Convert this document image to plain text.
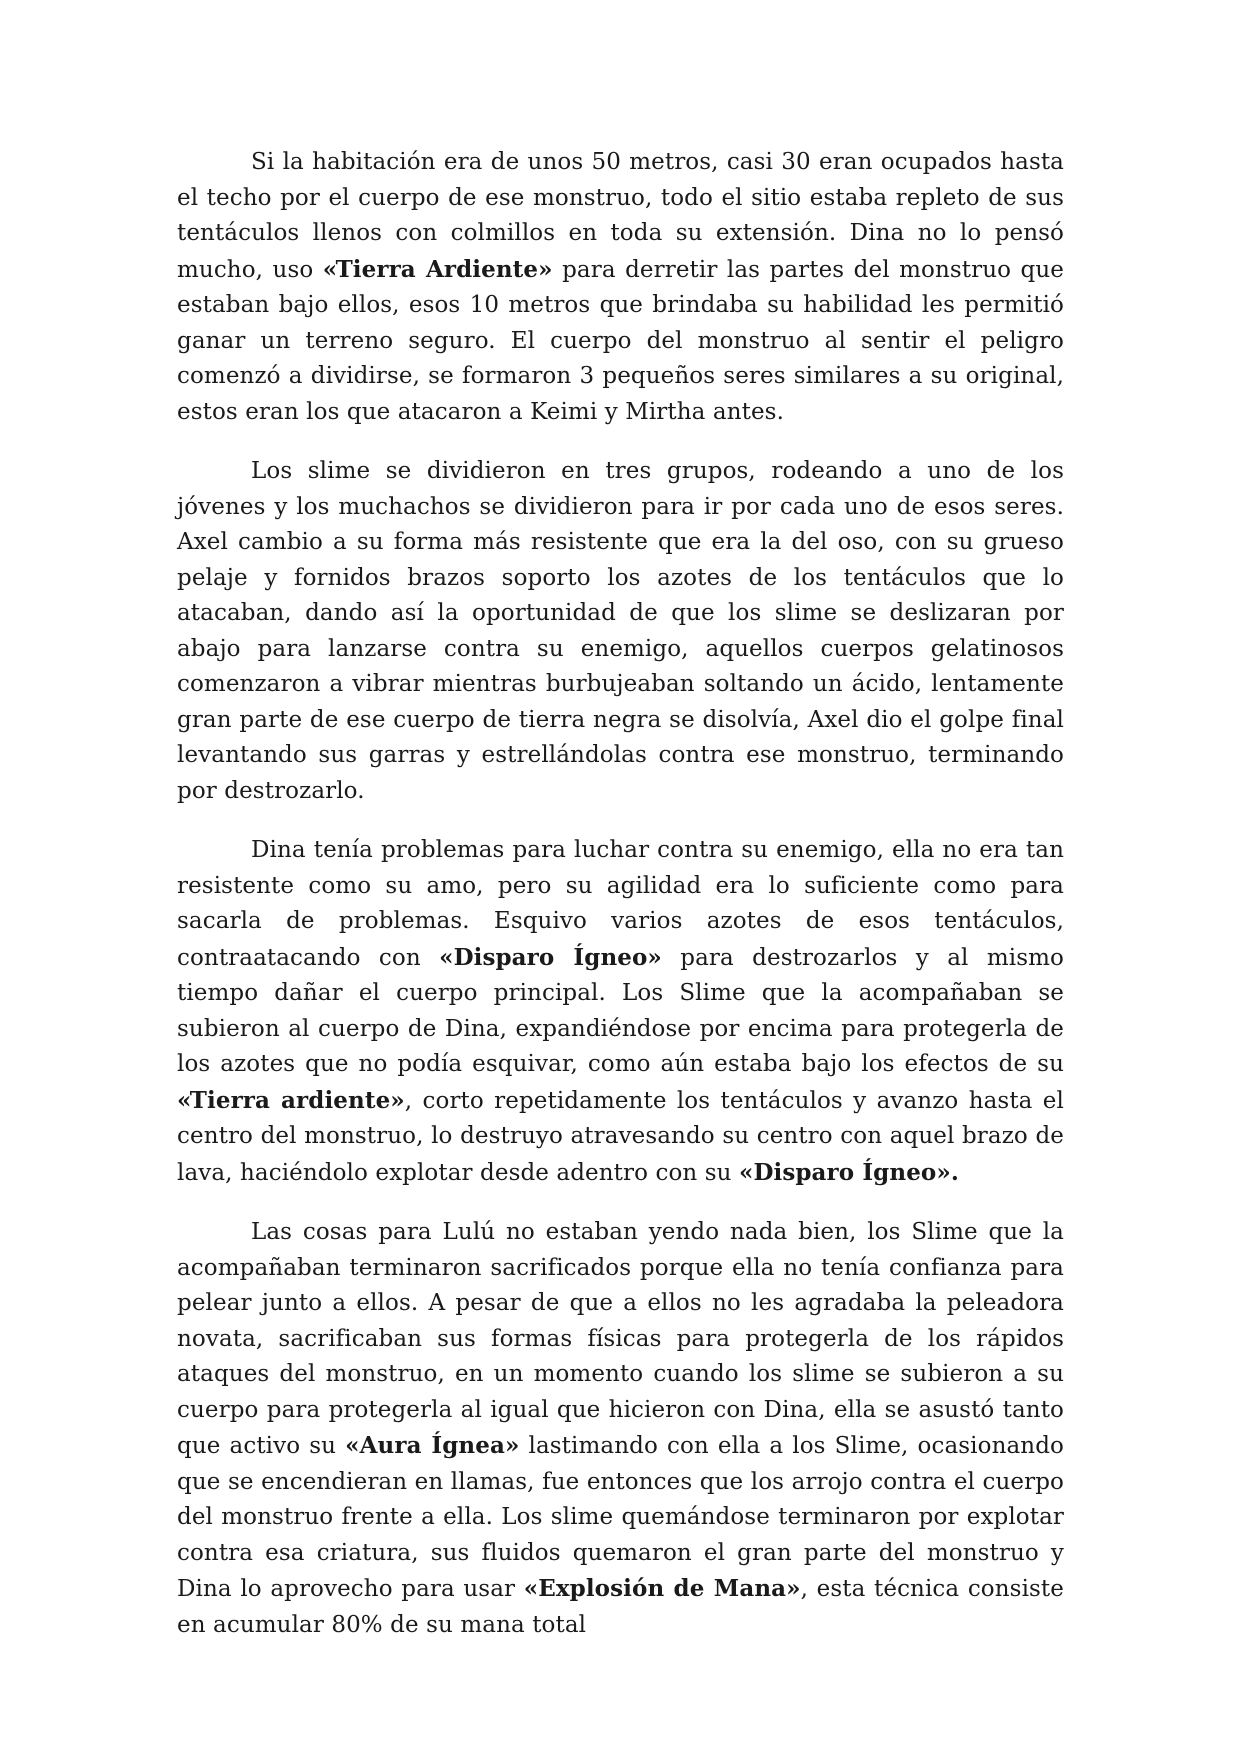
Si la habitación era de unos 50 metros, casi 30 eran ocupados hasta el techo por el cuerpo de ese monstruo, todo el sitio estaba repleto de sus tentáculos llenos con colmillos en toda su extensión. Dina no lo pensó mucho, uso «Tierra Ardiente» para derretir las partes del monstruo que estaban bajo ellos, esos 10 metros que brindaba su habilidad les permitió ganar un terreno seguro. El cuerpo del monstruo al sentir el peligro comenzó a dividirse, se formaron 3 pequeños seres similares a su original, estos eran los que atacaron a Keimi y Mirtha antes.

Los slime se dividieron en tres grupos, rodeando a uno de los jóvenes y los muchachos se dividieron para ir por cada uno de esos seres. Axel cambio a su forma más resistente que era la del oso, con su grueso pelaje y fornidos brazos soporto los azotes de los tentáculos que lo atacaban, dando así la oportunidad de que los slime se deslizaran por abajo para lanzarse contra su enemigo, aquellos cuerpos gelatinosos comenzaron a vibrar mientras burbujeaban soltando un ácido, lentamente gran parte de ese cuerpo de tierra negra se disolvía, Axel dio el golpe final levantando sus garras y estrellándolas contra ese monstruo, terminando por destrozarlo.

Dina tenía problemas para luchar contra su enemigo, ella no era tan resistente como su amo, pero su agilidad era lo suficiente como para sacarla de problemas. Esquivo varios azotes de esos tentáculos, contraatacando con «Disparo Ígneo» para destrozarlos y al mismo tiempo dañar el cuerpo principal. Los Slime que la acompañaban se subieron al cuerpo de Dina, expandiéndose por encima para protegerla de los azotes que no podía esquivar, como aún estaba bajo los efectos de su «Tierra ardiente», corto repetidamente los tentáculos y avanzo hasta el centro del monstruo, lo destruyo atravesando su centro con aquel brazo de lava, haciéndolo explotar desde adentro con su «Disparo Ígneo».

Las cosas para Lulú no estaban yendo nada bien, los Slime que la acompañaban terminaron sacrificados porque ella no tenía confianza para pelear junto a ellos. A pesar de que a ellos no les agradaba la peleadora novata, sacrificaban sus formas físicas para protegerla de los rápidos ataques del monstruo, en un momento cuando los slime se subieron a su cuerpo para protegerla al igual que hicieron con Dina, ella se asustó tanto que activo su «Aura Ígnea» lastimando con ella a los Slime, ocasionando que se encendieran en llamas, fue entonces que los arrojo contra el cuerpo del monstruo frente a ella. Los slime quemándose terminaron por explotar contra esa criatura, sus fluidos quemaron el gran parte del monstruo y Dina lo aprovecho para usar «Explosión de Mana», esta técnica consiste en acumular 80% de su mana total
